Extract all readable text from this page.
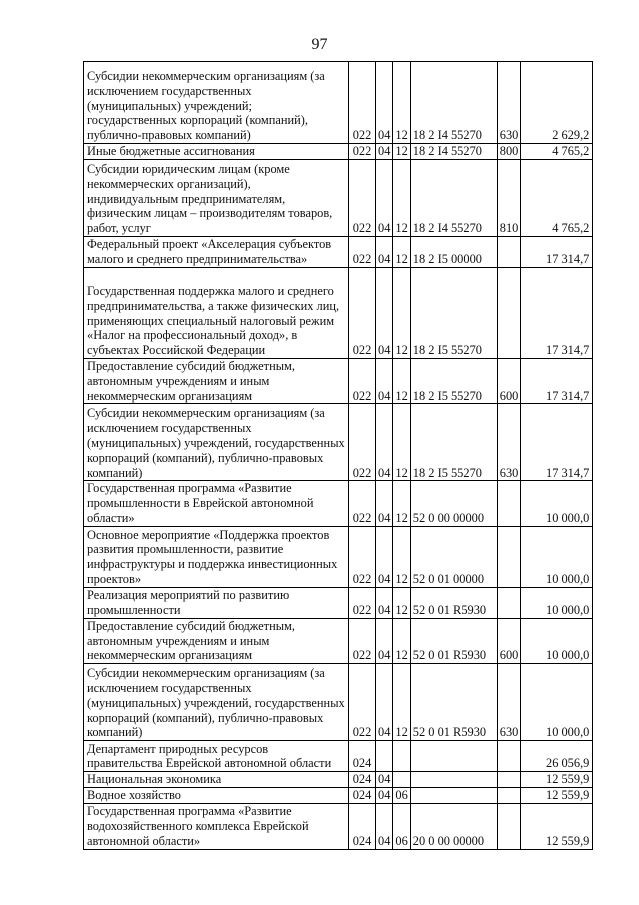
97
Субсидии некоммерческим организациям (за исключением государственных (муниципальных) учреждений; государственных корпораций (компаний), публично-правовых компаний)	022	04	12	18 2 I4 55270	630	2 629,2
Иные бюджетные ассигнования	022	04	12	18 2 I4 55270	800	4 765,2
Субсидии юридическим лицам (кроме некоммерческих организаций), индивидуальным предпринимателям, физическим лицам – производителям товаров, работ, услуг	022	04	12	18 2 I4 55270	810	4 765,2
Федеральный проект «Акселерация субъектов малого и среднего предпринимательства»	022	04	12	18 2 I5 00000		17 314,7
Государственная поддержка малого и среднего предпринимательства, а также физических лиц, применяющих специальный налоговый режим «Налог на профессиональный доход», в субъектах Российской Федерации	022	04	12	18 2 I5 55270		17 314,7
Предоставление субсидий бюджетным, автономным учреждениям и иным некоммерческим организациям	022	04	12	18 2 I5 55270	600	17 314,7
Субсидии некоммерческим организациям (за исключением государственных (муниципальных) учреждений, государственных корпораций (компаний), публично-правовых компаний)	022	04	12	18 2 I5 55270	630	17 314,7
Государственная программа «Развитие промышленности в Еврейской автономной области»	022	04	12	52 0 00 00000		10 000,0
Основное мероприятие «Поддержка проектов развития промышленности, развитие инфраструктуры и поддержка инвестиционных проектов»	022	04	12	52 0 01 00000		10 000,0
Реализация мероприятий по развитию промышленности	022	04	12	52 0 01 R5930		10 000,0
Предоставление субсидий бюджетным, автономным учреждениям и иным некоммерческим организациям	022	04	12	52 0 01 R5930	600	10 000,0
Субсидии некоммерческим организациям (за исключением государственных (муниципальных) учреждений, государственных корпораций (компаний), публично-правовых компаний)	022	04	12	52 0 01 R5930	630	10 000,0
Департамент природных ресурсов правительства Еврейской автономной области	024					26 056,9
Национальная экономика	024	04				12 559,9
Водное хозяйство	024	04	06			12 559,9
Государственная программа «Развитие водохозяйственного комплекса Еврейской автономной области»	024	04	06	20 0 00 00000		12 559,9
